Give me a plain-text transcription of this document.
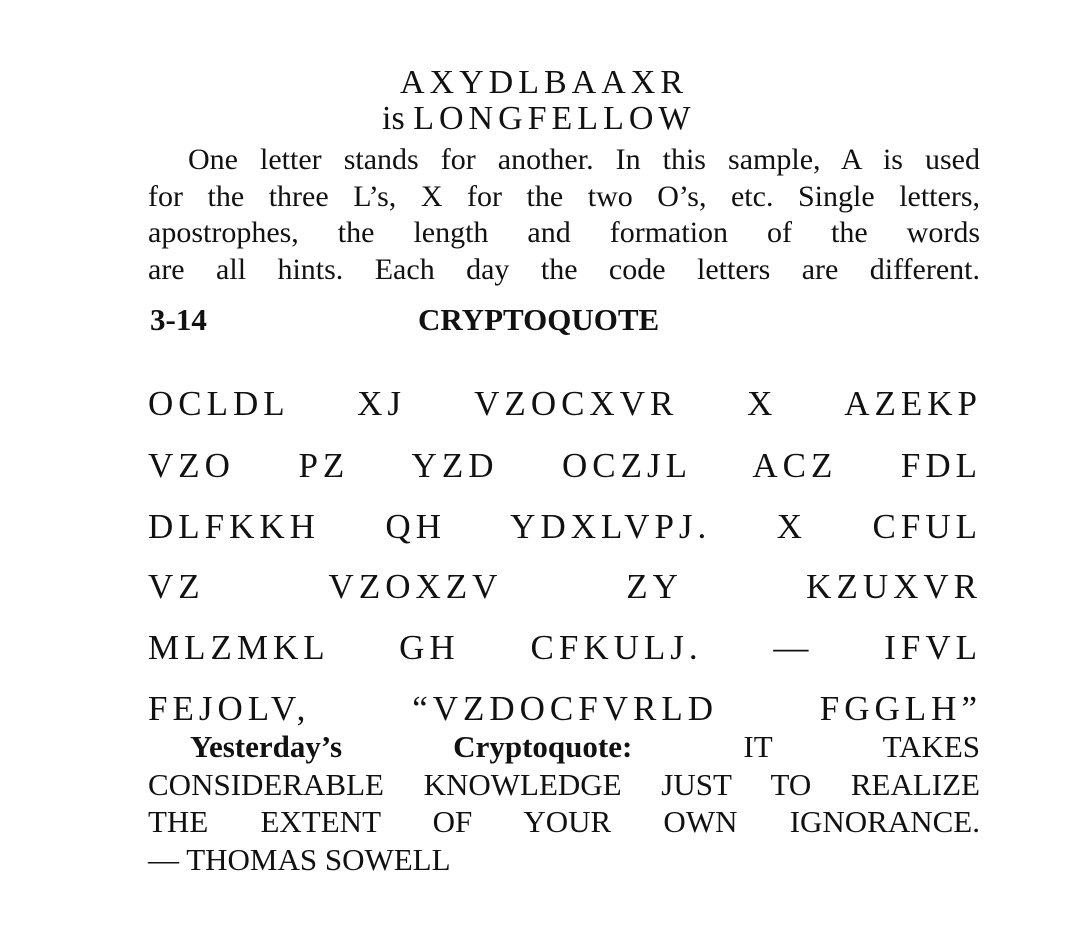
AXYDLBAAXR
is LONGFELLOW
One letter stands for another. In this sample, A is used
for the three L’s, X for the two O’s, etc. Single letters,
apostrophes, the length and formation of the words
are all hints. Each day the code letters are different.
3-14	CRYPTOQUOTE
OCLDL XJ VZOCXVR X AZEKP
VZO PZ YZD OCZJL ACZ FDL
DLFKKH QH YDXLVPJ. X CFUL
VZ VZOXZV ZY KZUXVR
MLZMKL GH CFKULJ. — IFVL
FEJOLV, “VZDOCFVRLD FGGLH”
Yesterday’s Cryptoquote:	IT TAKES
CONSIDERABLE KNOWLEDGE JUST TO REALIZE
THE EXTENT OF YOUR OWN IGNORANCE.
— THOMAS SOWELL
